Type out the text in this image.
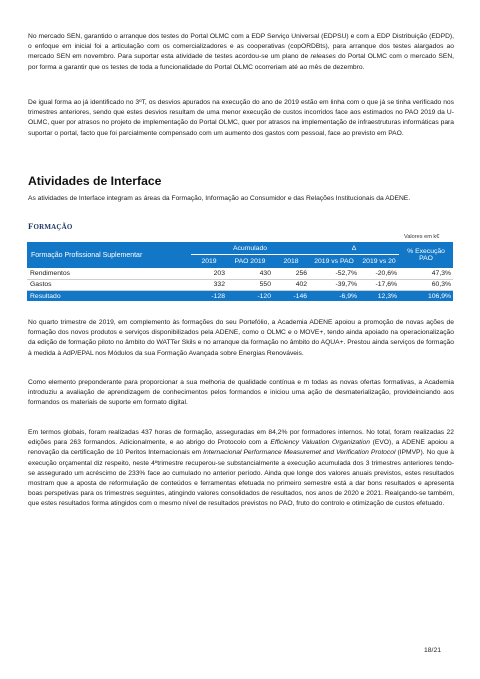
No mercado SEN, garantido o arranque dos testes do Portal OLMC com a EDP Serviço Universal (EDPSU) e com a EDP Distribuição (EDPD), o enfoque em inicial foi a articulação com os comercializadores e as cooperativas (copORDBts), para arranque dos testes alargados ao mercado SEN em novembro. Para suportar esta atividade de testes acordou-se um plano de releases do Portal OLMC com o mercado SEN, por forma a garantir que os testes de toda a funcionalidade do Portal OLMC ocorreriam até ao mês de dezembro.

De igual forma ao já identificado no 3ºT, os desvios apurados na execução do ano de 2019 estão em linha com o que já se tinha verificado nos trimestres anteriores, sendo que estes desvios resultam de uma menor execução de custos incorridos face aos estimados no PAO 2019 da U-OLMC, quer por atrasos no projeto de implementação do Portal OLMC, quer por atrasos na implementação de infraestruturas informáticas para suportar o portal, facto que foi parcialmente compensado com um aumento dos gastos com pessoal, face ao previsto em PAO.

Atividades de Interface

As atividades de Interface integram as áreas da Formação, Informação ao Consumidor e das Relações Institucionais da ADENE.

FORMAÇÃO
Valores em k€
Formação Profissional Suplementar	Acumulado			Δ		% Execução
PAO
	2019	PAO 2019	2018	2019 vs PAO	2019 vs 20	
Rendimentos	203	430	256	-52,7%	-20,6%	47,3%
Gastos	332	550	402	-39,7%	-17,6%	60,3%
Resultado	-128	-120	-146	-6,9%	12,3%	106,9%

No quarto trimestre de 2019, em complemento às formações do seu Portefólio, a Academia ADENE apoiou a promoção de novas ações de formação dos novos produtos e serviços disponibilizados pela ADENE, como o OLMC e o MOVE+, tendo ainda apoiado na operacionalização da edição de formação piloto no âmbito do WATTer Skils e no arranque da formação no âmbito do AQUA+. Prestou ainda serviços de formação à medida à AdP/EPAL nos Módulos da sua Formação Avançada sobre Energias Renováveis.

Como elemento preponderante para proporcionar a sua melhoria de qualidade contínua e m todas as novas ofertas formativas, a Academia introduziu a avaliação de aprendizagem de conhecimentos pelos formandos e iniciou uma ação de desmaterialização, provideinciando aos formandos os materiais de suporte em formato digital.

Em termos globais, foram realizadas 437 horas de formação, asseguradas em 84,2% por formadores internos. No total, foram realizadas 22 edições para 263 formandos. Adicionalmente, e ao abrigo do Protocolo com a Efficiency Valuation Organization (EVO), a ADENE apoiou a renovação da certificação de 10 Peritos Internacionais em Internacional Performance Measuremet and Verification Protocol (IPMVP). No que à execução orçamental diz respeito, neste 4ºtrimestre recuperou-se substancialmente a execução acumulada dos 3 trimestres anteriores tendo-se assegurado um acréscimo de 233% face ao cumulado no anterior período. Ainda que longe dos valores anuais previstos, estes resultados mostram que a aposta de reformulação de conteúdos e ferramentas efetuada no primeiro semestre está a dar bons resultados e apresenta boas perspetivas para os trimestres seguintes, atingindo valores consolidados de resultados, nos anos de 2020 e 2021. Realçando-se também, que estes resultados forma atingidos com o mesmo nível de resultados previstos no PAO, fruto do controlo e otimização de custos efetuado.

18/21
